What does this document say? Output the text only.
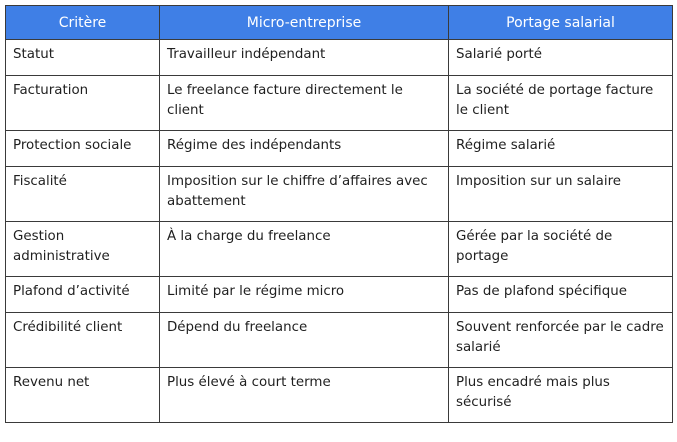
Critère	Micro-entreprise	Portage salarial
Statut	Travailleur indépendant	Salarié porté
Facturation	Le freelance facture directement le client	La société de portage facture le client
Protection sociale	Régime des indépendants	Régime salarié
Fiscalité	Imposition sur le chiffre d’affaires avec abattement	Imposition sur un salaire
Gestion administrative	À la charge du freelance	Gérée par la société de portage
Plafond d’activité	Limité par le régime micro	Pas de plafond spécifique
Crédibilité client	Dépend du freelance	Souvent renforcée par le cadre salarié
Revenu net	Plus élevé à court terme	Plus encadré mais plus sécurisé
